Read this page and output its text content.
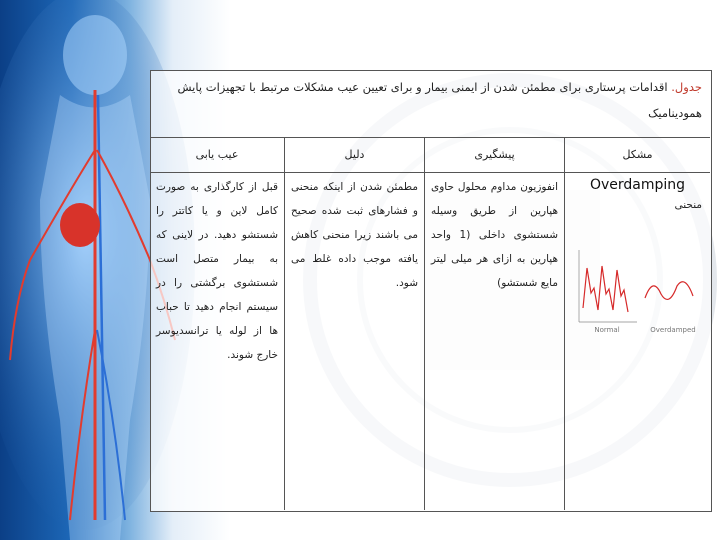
جدول. اقدامات پرستاری برای مطمئن شدن از ایمنی بیمار و برای تعیین عیب مشکلات مرتبط با تجهیزات پایش همودینامیک
مشکل
Overdamping
منحنی
Normal	Overdamped
پیشگیری
انفوزیون مداوم محلول حاوی هپارین از طریق وسیله شستشوی داخلی (1 واحد هپارین به ازای هر میلی لیتر مایع شستشو)
دلیل
مطمئن شدن از اینکه منحنی و فشارهای ثبت شده صحیح می باشند زیرا منحنی کاهش یافته موجب داده غلط می شود.
عیب یابی
قبل از کارگذاری به صورت کامل لاین و یا کاتتر را شستشو دهید. در لاینی که به بیمار متصل است شستشوی برگشتی را در سیستم انجام دهید تا حباب ها از لوله یا ترانسدیوسر خارج شوند.
